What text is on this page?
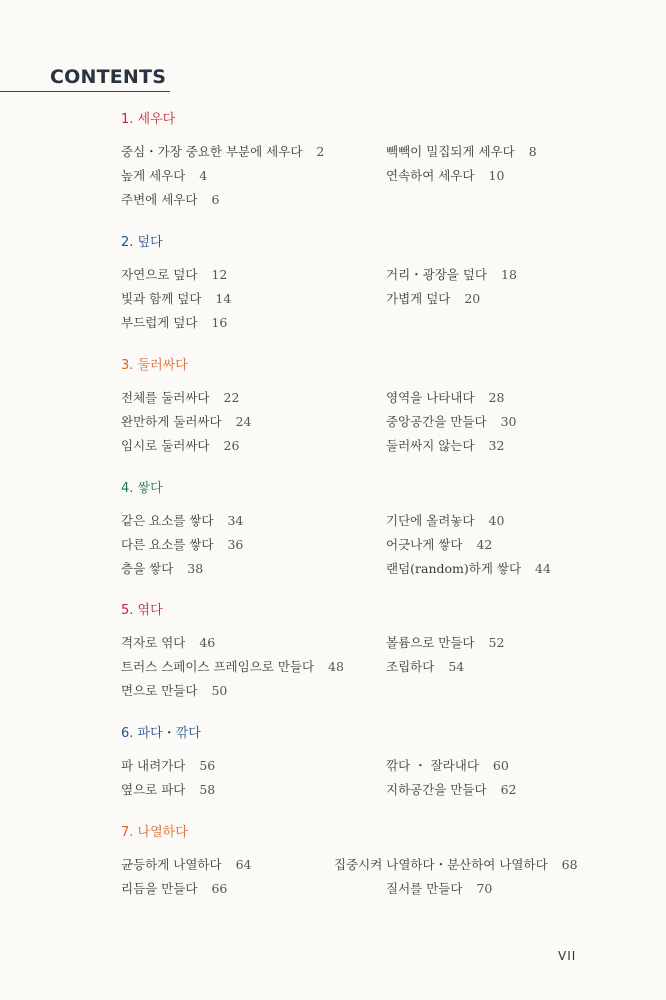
CONTENTS
1. 세우다
중심・가장 중요한 부분에 세우다 2
높게 세우다 4
주변에 세우다 6
빽빽이 밀집되게 세우다 8
연속하여 세우다 10
2. 덮다
자연으로 덮다 12
빛과 함께 덮다 14
부드럽게 덮다 16
거리・광장을 덮다 18
가볍게 덮다 20
3. 둘러싸다
전체를 둘러싸다 22
완만하게 둘러싸다 24
임시로 둘러싸다 26
영역을 나타내다 28
중앙공간을 만들다 30
둘러싸지 않는다 32
4. 쌓다
같은 요소를 쌓다 34
다른 요소를 쌓다 36
층을 쌓다 38
기단에 올려놓다 40
어긋나게 쌓다 42
랜덤(random)하게 쌓다 44
5. 엮다
격자로 엮다 46
트러스 스페이스 프레임으로 만들다 48
면으로 만들다 50
볼륨으로 만들다 52
조립하다 54
6. 파다・깎다
파 내려가다 56
옆으로 파다 58
깎다 ・ 잘라내다 60
지하공간을 만들다 62
7. 나열하다
균등하게 나열하다 64
리듬을 만들다 66
집중시켜 나열하다・분산하여 나열하다 68
질서를 만들다 70
VII
